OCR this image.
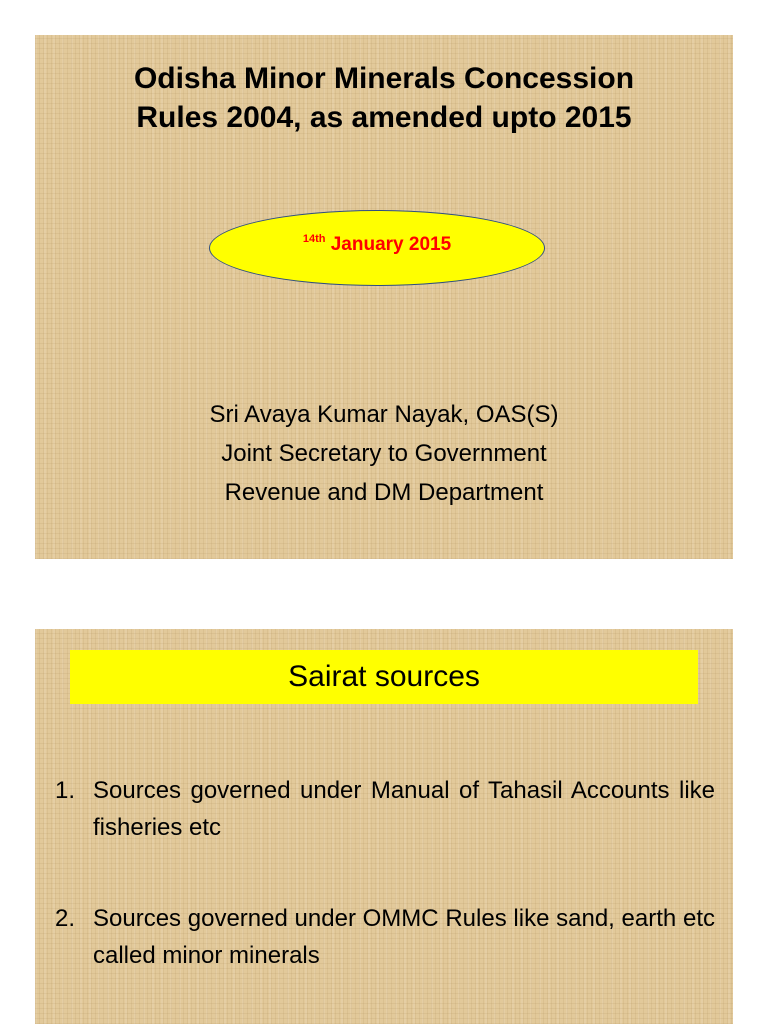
Odisha Minor Minerals Concession
Rules 2004, as amended upto 2015
$^{14th}$ January 2015
Sri Avaya Kumar Nayak, OAS(S)
Joint Secretary to Government
Revenue and DM Department
Sairat sources
1. Sources governed under Manual of Tahasil Accounts like fisheries etc
2. Sources governed under OMMC Rules like sand, earth etc called minor minerals
